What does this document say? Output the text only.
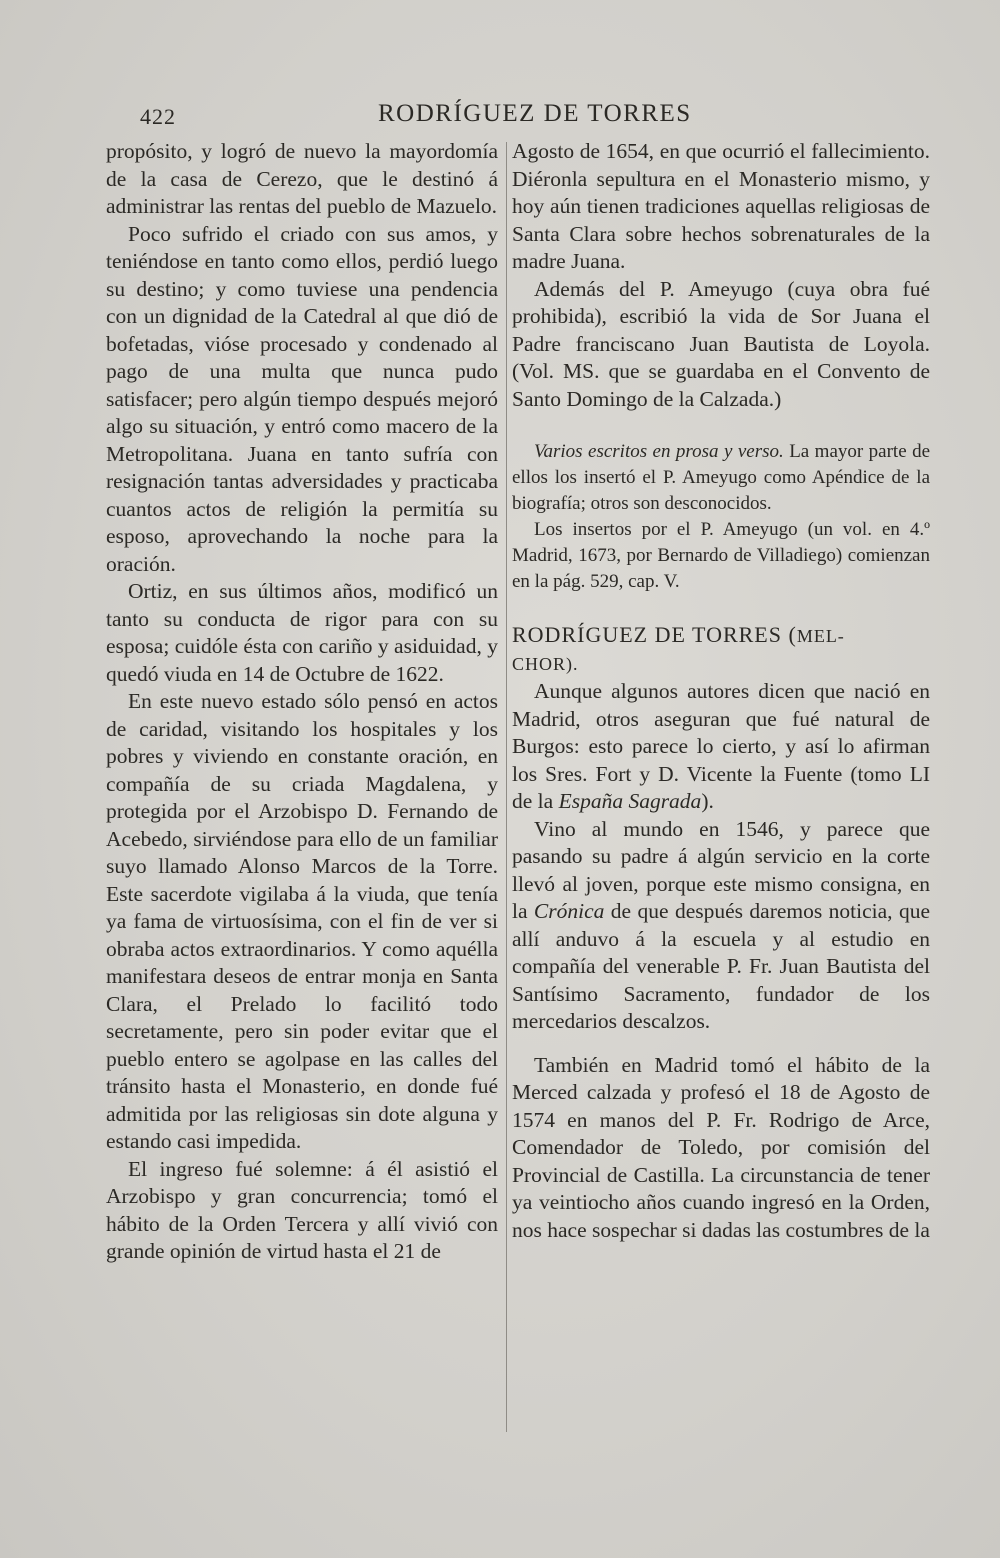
422	RODRÍGUEZ DE TORRES

propósito, y logró de nuevo la mayordomía de la casa de Cerezo, que le destinó á administrar las rentas del pueblo de Mazuelo.

Poco sufrido el criado con sus amos, y teniéndose en tanto como ellos, perdió luego su destino; y como tuviese una pendencia con un dignidad de la Catedral al que dió de bofetadas, vióse procesado y condenado al pago de una multa que nunca pudo satisfacer; pero algún tiempo después mejoró algo su situación, y entró como macero de la Metropolitana. Juana en tanto sufría con resignación tantas adversidades y practicaba cuantos actos de religión la permitía su esposo, aprovechando la noche para la oración.

Ortiz, en sus últimos años, modificó un tanto su conducta de rigor para con su esposa; cuidóle ésta con cariño y asiduidad, y quedó viuda en 14 de Octubre de 1622.

En este nuevo estado sólo pensó en actos de caridad, visitando los hospitales y los pobres y viviendo en constante oración, en compañía de su criada Magdalena, y protegida por el Arzobispo D. Fernando de Acebedo, sirviéndose para ello de un familiar suyo llamado Alonso Marcos de la Torre. Este sacerdote vigilaba á la viuda, que tenía ya fama de virtuosísima, con el fin de ver si obraba actos extraordinarios. Y como aquélla manifestara deseos de entrar monja en Santa Clara, el Prelado lo facilitó todo secretamente, pero sin poder evitar que el pueblo entero se agolpase en las calles del tránsito hasta el Monasterio, en donde fué admitida por las religiosas sin dote alguna y estando casi impedida.

El ingreso fué solemne: á él asistió el Arzobispo y gran concurrencia; tomó el hábito de la Orden Tercera y allí vivió con grande opinión de virtud hasta el 21 de

Agosto de 1654, en que ocurrió el fallecimiento. Diéronla sepultura en el Monasterio mismo, y hoy aún tienen tradiciones aquellas religiosas de Santa Clara sobre hechos sobrenaturales de la madre Juana.

Además del P. Ameyugo (cuya obra fué prohibida), escribió la vida de Sor Juana el Padre franciscano Juan Bautista de Loyola. (Vol. MS. que se guardaba en el Convento de Santo Domingo de la Calzada.)

Varios escritos en prosa y verso. La mayor parte de ellos los insertó el P. Ameyugo como Apéndice de la biografía; otros son desconocidos.

Los insertos por el P. Ameyugo (un vol. en 4.º Madrid, 1673, por Bernardo de Villadiego) comienzan en la pág. 529, cap. V.

RODRÍGUEZ DE TORRES (MEL-

CHOR).

Aunque algunos autores dicen que nació en Madrid, otros aseguran que fué natural de Burgos: esto parece lo cierto, y así lo afirman los Sres. Fort y D. Vicente la Fuente (tomo LI de la España Sagrada).

Vino al mundo en 1546, y parece que pasando su padre á algún servicio en la corte llevó al joven, porque este mismo consigna, en la Crónica de que después daremos noticia, que allí anduvo á la escuela y al estudio en compañía del venerable P. Fr. Juan Bautista del Santísimo Sacramento, fundador de los mercedarios descalzos.

También en Madrid tomó el hábito de la Merced calzada y profesó el 18 de Agosto de 1574 en manos del P. Fr. Rodrigo de Arce, Comendador de Toledo, por comisión del Provincial de Castilla. La circunstancia de tener ya veintiocho años cuando ingresó en la Orden, nos hace sospechar si dadas las costumbres de la
